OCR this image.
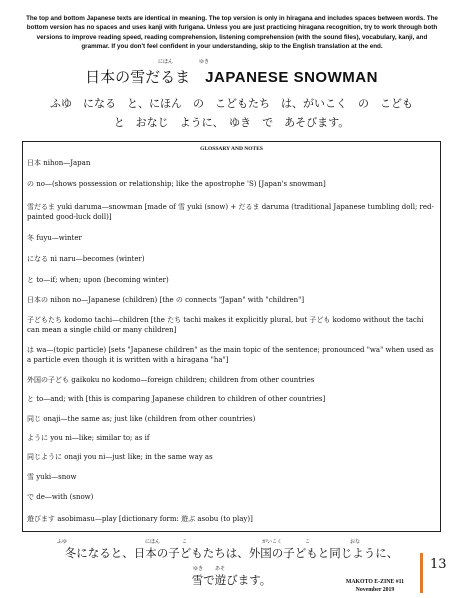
The top and bottom Japanese texts are identical in meaning. The top version is only in hiragana and includes spaces between words. The bottom version has no spaces and uses kanji with furigana. Unless you are just practicing hiragana recognition, try to work through both versions to improve reading speed, reading comprehension, listening comprehension (with the sound files), vocabulary, kanji, and grammar. If you don't feel confident in your understanding, skip to the English translation at the end.
にほん	ゆき
日本の雪だるま JAPANESE SNOWMAN
ふゆ　になる　と、にほん　の　こどもたち　は、がいこく　の　こども
と　おなじ　ように、　ゆき　で　あそびます。
GLOSSARY AND NOTES
日本 nihon—Japan
の no—(shows possession or relationship; like the apostrophe 'S) [Japan's snowman]
雪だるま yuki daruma—snowman [made of 雪 yuki (snow) + だるま daruma (traditional Japanese tumbling doll; red-painted good-luck doll)]
冬 fuyu—winter
になる ni naru—becomes (winter)
と to—if; when; upon (becoming winter)
日本の nihon no—Japanese (children) [the の connects "Japan" with "children"]
子どもたち kodomo tachi—children [the たち tachi makes it explicitly plural, but 子ども kodomo without the tachi can mean a single child or many children]
は wa—(topic particle) [sets "Japanese children" as the main topic of the sentence; pronounced "wa" when used as a particle even though it is written with a hiragana "ha"]
外国の子ども gaikoku no kodomo—foreign children; children from other countries
と to—and; with [this is comparing Japanese children to children of other countries]
同じ onaji—the same as; just like (children from other countries)
ように you ni—like; similar to; as if
同じように onaji you ni—just like; in the same way as
雪 yuki—snow
で de—with (snow)
遊びます asobimasu—play [dictionary form: 遊ぶ asobu (to play)]
ふゆ	にほん	こ	がいこく	こ	おな
冬になると、日本の子どもたちは、外国の子どもと同じように、
ゆき あそ
雪で遊びます。
13
MAKOTO E-ZINE #11
November 2019
